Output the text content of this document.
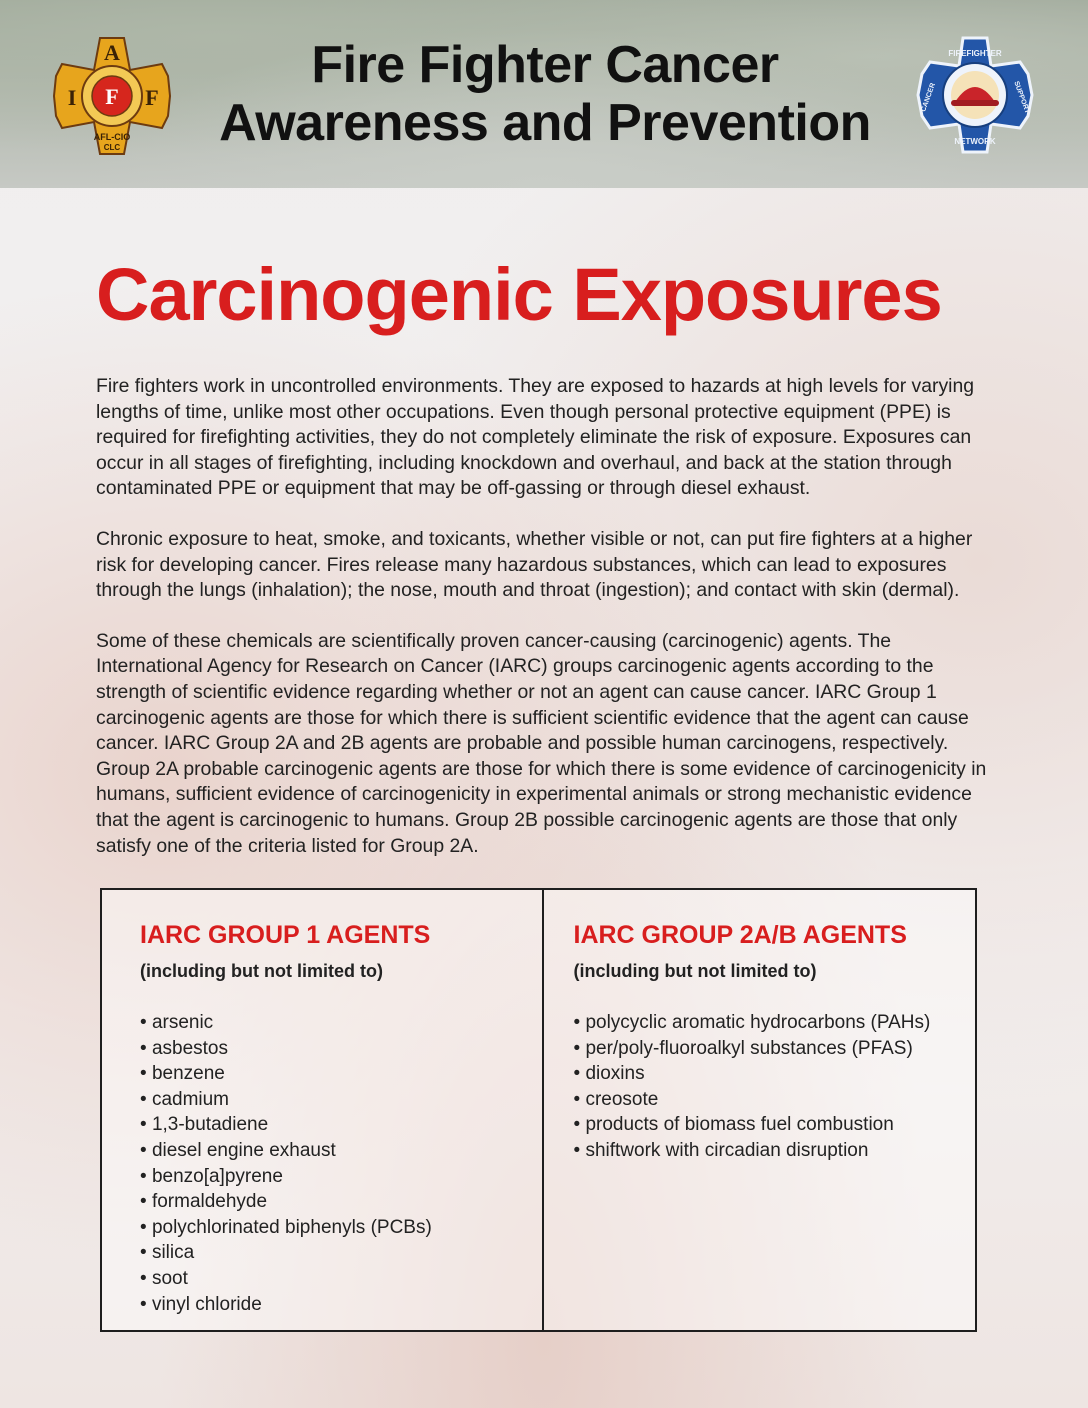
A
I	F
F
AFL-CIO
CLC
Fire Fighter Cancer
Awareness and Prevention
FIREFIGHTER
NETWORK
CANCER	SUPPORT
Carcinogenic Exposures

Fire fighters work in uncontrolled environments. They are exposed to hazards at high levels for varying lengths of time, unlike most other occupations. Even though personal protective equipment (PPE) is required for firefighting activities, they do not completely eliminate the risk of exposure. Exposures can occur in all stages of firefighting, including knockdown and overhaul, and back at the station through contaminated PPE or equipment that may be off-gassing or through diesel exhaust.

Chronic exposure to heat, smoke, and toxicants, whether visible or not, can put fire fighters at a higher risk for developing cancer. Fires release many hazardous substances, which can lead to exposures through the lungs (inhalation); the nose, mouth and throat (ingestion); and contact with skin (dermal).

Some of these chemicals are scientifically proven cancer-causing (carcinogenic) agents. The International Agency for Research on Cancer (IARC) groups carcinogenic agents according to the strength of scientific evidence regarding whether or not an agent can cause cancer. IARC Group 1 carcinogenic agents are those for which there is sufficient scientific evidence that the agent can cause cancer. IARC Group 2A and 2B agents are probable and possible human carcinogens, respectively. Group 2A probable carcinogenic agents are those for which there is some evidence of carcinogenicity in humans, sufficient evidence of carcinogenicity in experimental animals or strong mechanistic evidence that the agent is carcinogenic to humans. Group 2B possible carcinogenic agents are those that only satisfy one of the criteria listed for Group 2A.

IARC GROUP 1 AGENTS
(including but not limited to)
• arsenic
• asbestos
• benzene
• cadmium
• 1,3-butadiene
• diesel engine exhaust
• benzo[a]pyrene
• formaldehyde
• polychlorinated biphenyls (PCBs)
• silica
• soot
• vinyl chloride
IARC GROUP 2A/B AGENTS
(including but not limited to)
• polycyclic aromatic hydrocarbons (PAHs)
• per/poly-fluoroalkyl substances (PFAS)
• dioxins
• creosote
• products of biomass fuel combustion
• shiftwork with circadian disruption
